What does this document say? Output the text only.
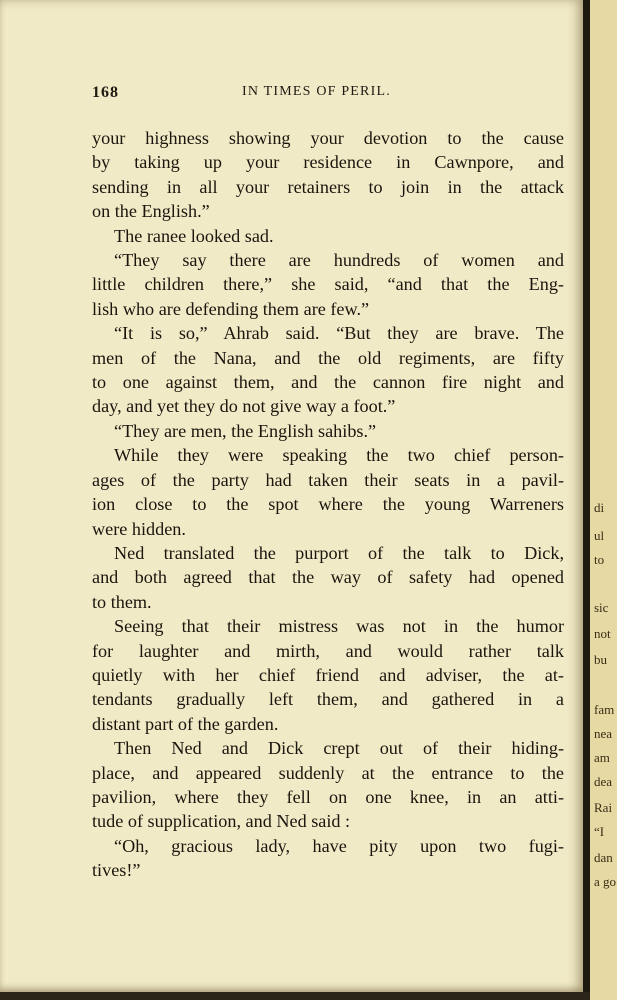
di
ul
to
sic
not
bu
fam
nea
am
dea
Rai
“I
dan
a go
168	IN TIMES OF PERIL.
your highness showing your devotion to the cause
by taking up your residence in Cawnpore, and
sending in all your retainers to join in the attack
on the English.”
The ranee looked sad.
“They say there are hundreds of women and
little children there,” she said, “and that the Eng-
lish who are defending them are few.”
“It is so,” Ahrab said. “But they are brave. The
men of the Nana, and the old regiments, are fifty
to one against them, and the cannon fire night and
day, and yet they do not give way a foot.”
“They are men, the English sahibs.”
While they were speaking the two chief person-
ages of the party had taken their seats in a pavil-
ion close to the spot where the young Warreners
were hidden.
Ned translated the purport of the talk to Dick,
and both agreed that the way of safety had opened
to them.
Seeing that their mistress was not in the humor
for laughter and mirth, and would rather talk
quietly with her chief friend and adviser, the at-
tendants gradually left them, and gathered in a
distant part of the garden.
Then Ned and Dick crept out of their hiding-
place, and appeared suddenly at the entrance to the
pavilion, where they fell on one knee, in an atti-
tude of supplication, and Ned said :
“Oh, gracious lady, have pity upon two fugi-
tives!”
